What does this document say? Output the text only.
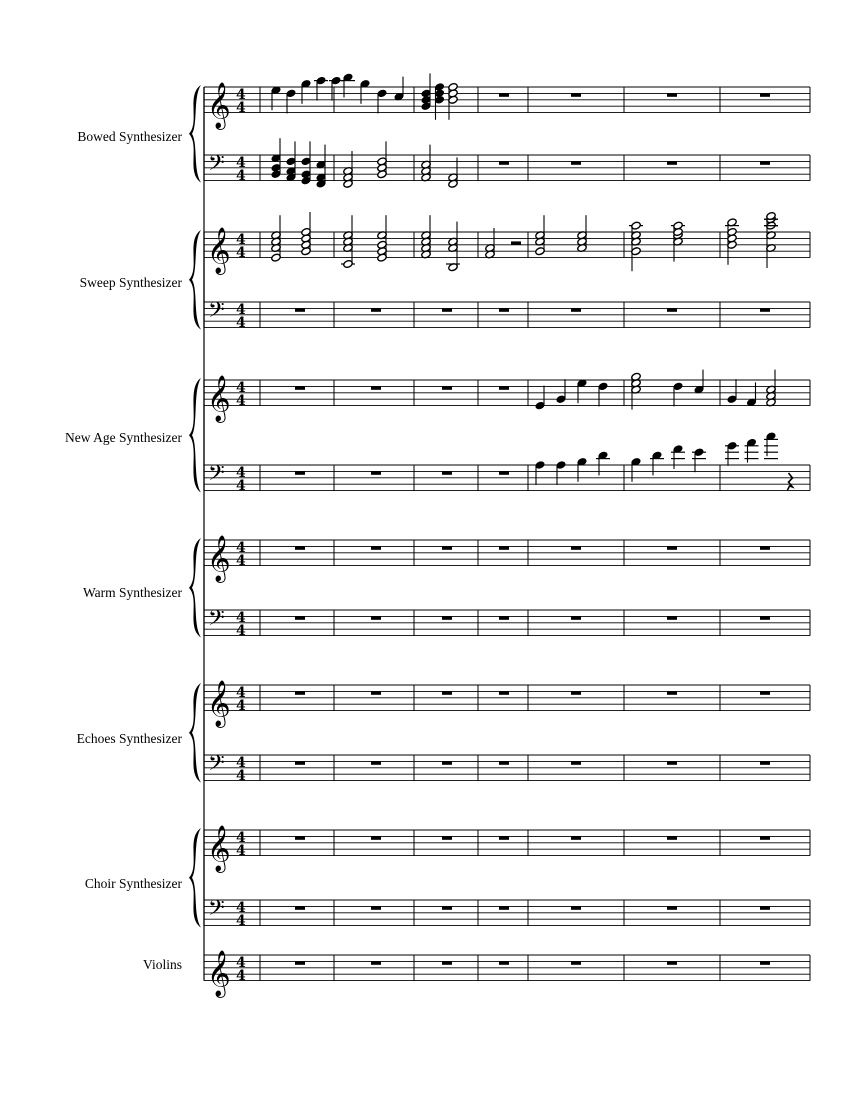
Bowed Synthesizer
Sweep Synthesizer
New Age Synthesizer
Warm Synthesizer
Echoes Synthesizer
Choir Synthesizer
Violins
𝄞 4
4
𝄢 4
4
𝄞 4
4
𝄢 4
4
𝄞 4
4
𝄢 4
4
𝄞 4
4
𝄢 4
4
𝄞 4
4
𝄢 4
4
𝄞 4
4
𝄢 4
4
𝄞 4
4
